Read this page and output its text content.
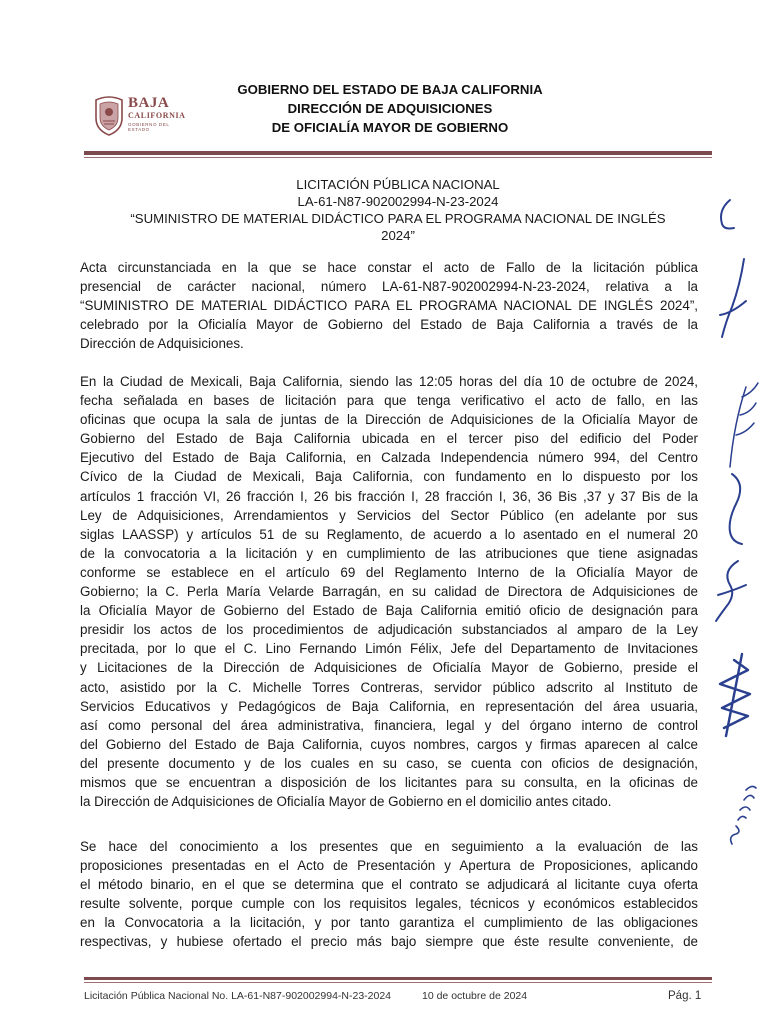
BAJA
CALIFORNIA
GOBIERNO DEL ESTADO
GOBIERNO DEL ESTADO DE BAJA CALIFORNIA
DIRECCIÓN DE ADQUISICIONES
DE OFICIALÍA MAYOR DE GOBIERNO
LICITACIÓN PÚBLICA NACIONAL
LA-61-N87-902002994-N-23-2024
“SUMINISTRO DE MATERIAL DIDÁCTICO PARA EL PROGRAMA NACIONAL DE INGLÉS
2024”
Acta circunstanciada en la que se hace constar el acto de Fallo de la licitación pública
presencial de carácter nacional, número LA-61-N87-902002994-N-23-2024, relativa a la
“SUMINISTRO DE MATERIAL DIDÁCTICO PARA EL PROGRAMA NACIONAL DE INGLÉS 2024”,
celebrado por la Oficialía Mayor de Gobierno del Estado de Baja California a través de la
Dirección de Adquisiciones.
En la Ciudad de Mexicali, Baja California, siendo las 12:05 horas del día 10 de octubre de 2024,
fecha señalada en bases de licitación para que tenga verificativo el acto de fallo, en las
oficinas que ocupa la sala de juntas de la Dirección de Adquisiciones de la Oficialía Mayor de
Gobierno del Estado de Baja California ubicada en el tercer piso del edificio del Poder
Ejecutivo del Estado de Baja California, en Calzada Independencia número 994, del Centro
Cívico de la Ciudad de Mexicali, Baja California, con fundamento en lo dispuesto por los
artículos 1 fracción VI, 26 fracción I, 26 bis fracción I, 28 fracción I, 36, 36 Bis ,37 y 37 Bis de la
Ley de Adquisiciones, Arrendamientos y Servicios del Sector Público (en adelante por sus
siglas LAASSP) y artículos 51 de su Reglamento, de acuerdo a lo asentado en el numeral 20
de la convocatoria a la licitación y en cumplimiento de las atribuciones que tiene asignadas
conforme se establece en el artículo 69 del Reglamento Interno de la Oficialía Mayor de
Gobierno; la C. Perla María Velarde Barragán, en su calidad de Directora de Adquisiciones de
la Oficialía Mayor de Gobierno del Estado de Baja California emitió oficio de designación para
presidir los actos de los procedimientos de adjudicación substanciados al amparo de la Ley
precitada, por lo que el C. Lino Fernando Limón Félix, Jefe del Departamento de Invitaciones
y Licitaciones de la Dirección de Adquisiciones de Oficialía Mayor de Gobierno, preside el
acto, asistido por la C. Michelle Torres Contreras, servidor público adscrito al Instituto de
Servicios Educativos y Pedagógicos de Baja California, en representación del área usuaria,
así como personal del área administrativa, financiera, legal y del órgano interno de control
del Gobierno del Estado de Baja California, cuyos nombres, cargos y firmas aparecen al calce
del presente documento y de los cuales en su caso, se cuenta con oficios de designación,
mismos que se encuentran a disposición de los licitantes para su consulta, en la oficinas de
la Dirección de Adquisiciones de Oficialía Mayor de Gobierno en el domicilio antes citado.
Se hace del conocimiento a los presentes que en seguimiento a la evaluación de las
proposiciones presentadas en el Acto de Presentación y Apertura de Proposiciones, aplicando
el método binario, en el que se determina que el contrato se adjudicará al licitante cuya oferta
resulte solvente, porque cumple con los requisitos legales, técnicos y económicos establecidos
en la Convocatoria a la licitación, y por tanto garantiza el cumplimiento de las obligaciones
respectivas, y hubiese ofertado el precio más bajo siempre que éste resulte conveniente, de
Licitación Pública Nacional No. LA-61-N87-902002994-N-23-2024	10 de octubre de 2024	Pág. 1
